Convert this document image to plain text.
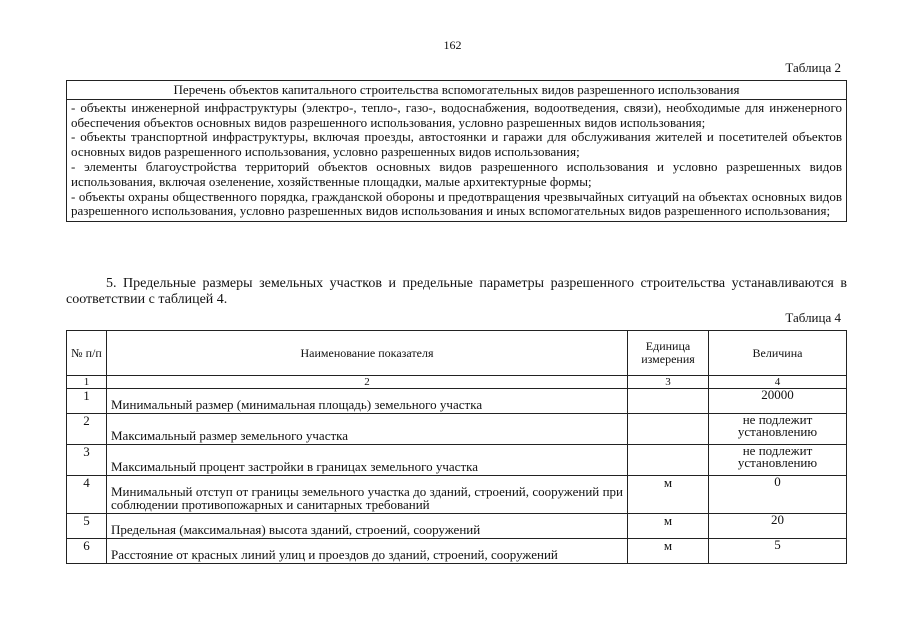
162
Таблица 2
Перечень объектов капитального строительства вспомогательных видов разрешенного использования

- объекты инженерной инфраструктуры (электро-, тепло-, газо-, водоснабжения, водоотведения, связи), необходимые для инженерного обеспечения объектов основных видов разрешенного использования, условно разрешенных видов использования;

- объекты транспортной инфраструктуры, включая проезды, автостоянки и гаражи для обслуживания жителей и посетителей объектов основных видов разрешенного использования, условно разрешенных видов использования;

- элементы благоустройства территорий объектов основных видов разрешенного использования и условно разрешенных видов использования, включая озеленение, хозяйственные площадки, малые архитектурные формы;

- объекты охраны общественного порядка, гражданской обороны и предотвращения чрезвычайных ситуаций на объектах основных видов разрешенного использования, условно разрешенных видов использования и иных вспомогательных видов разрешенного использования;

5. Предельные размеры земельных участков и предельные параметры разрешенного строительства устанавливаются в соответствии с таблицей 4.

Таблица 4
№ п/п	Наименование показателя	Единица измерения	Величина
1	2	3	4
1	Минимальный размер (минимальная площадь) земельного участка		20000
2	Максимальный размер земельного участка		не подлежит установлению
3	Максимальный процент застройки в границах земельного участка		не подлежит установлению
4	Минимальный отступ от границы земельного участка до зданий, строений, сооружений при соблюдении противопожарных и санитарных требований	м	0
5	Предельная (максимальная) высота зданий, строений, сооружений	м	20
6	Расстояние от красных линий улиц и проездов до зданий, строений, сооружений	м	5
